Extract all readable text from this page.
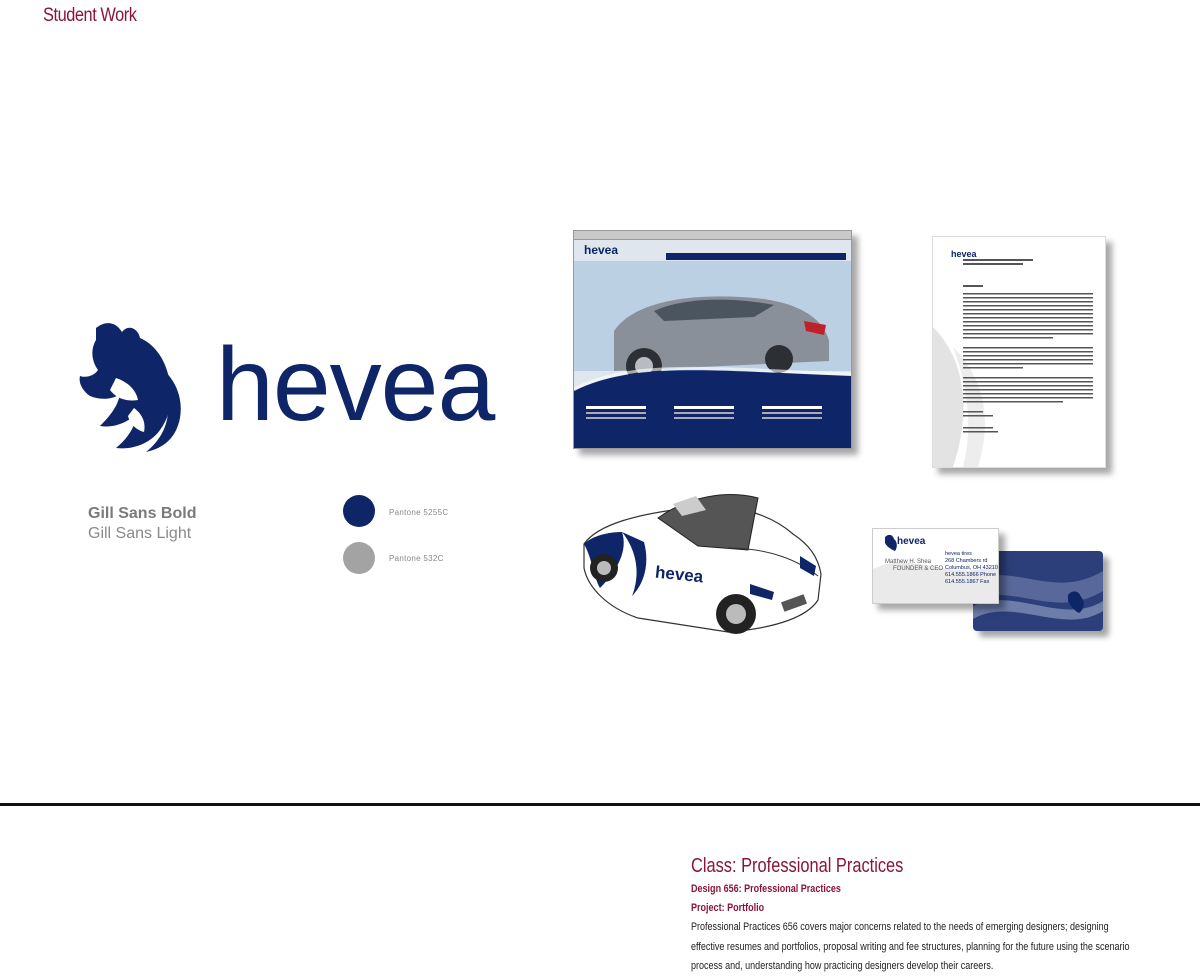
Student Work
hevea
Gill Sans Bold
Gill Sans Light
Pantone 5255C
Pantone 532C
hevea	hevea
hevea
hevea
Matthew H. Shea
FOUNDER & CEO
hevea tires
268 Chambers rd
Columbus, OH 43210
614.555.1866 Phone
614.555.1867 Fax
Class: Professional Practices
Design 656: Professional Practices
Project: Portfolio
Professional Practices 656 covers major concerns related to the needs of emerging designers; designing effective resumes and portfolios, proposal writing and fee structures, planning for the future using the scenario process and, understanding how practicing designers develop their careers.
